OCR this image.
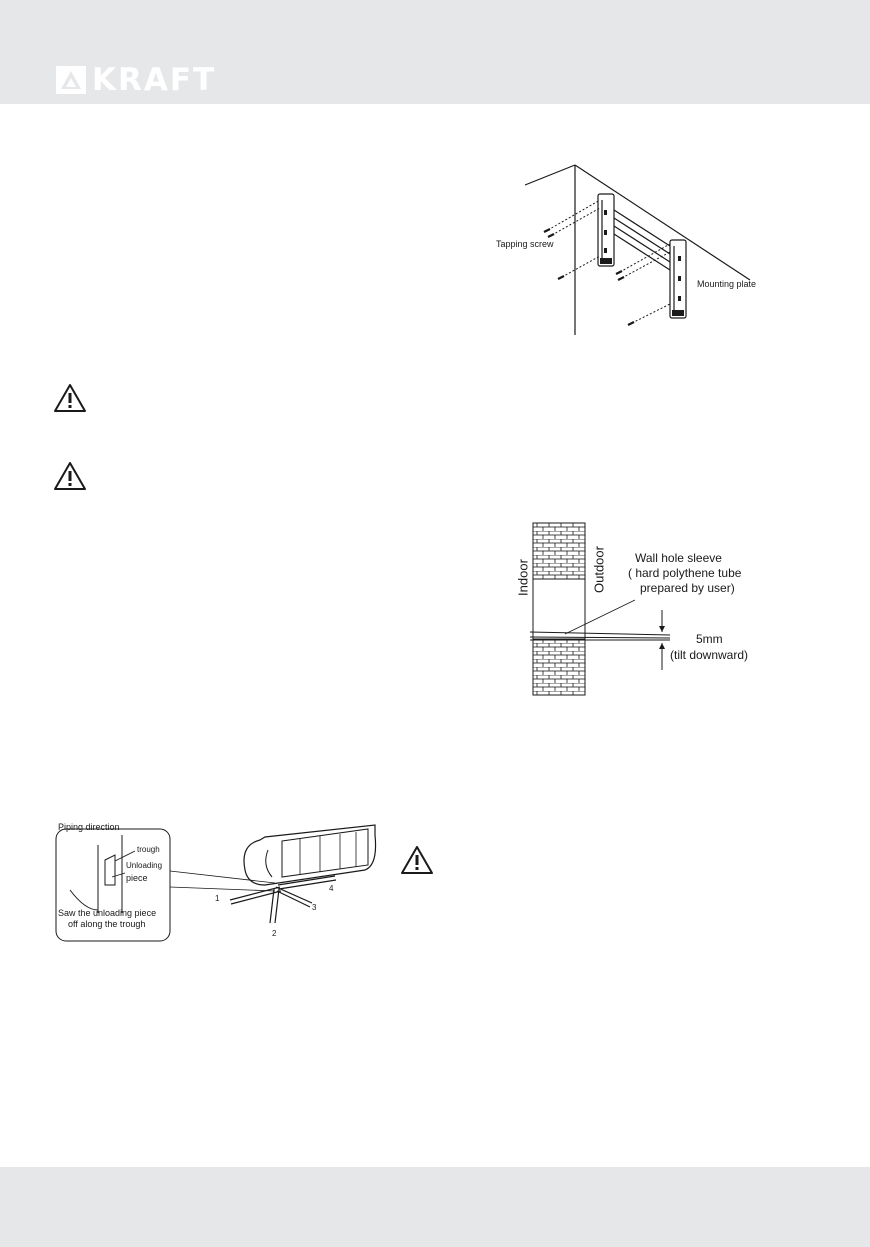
KRAFT
Tapping screw
Mounting plate
Indoor	Outdoor Wall hole sleeve
( hard polythene tube
prepared by user)
5mm
(tilt downward)
Piping direction
trough
Unloading
piece
Saw the unloading piece
off along the trough
1
2
3
4
